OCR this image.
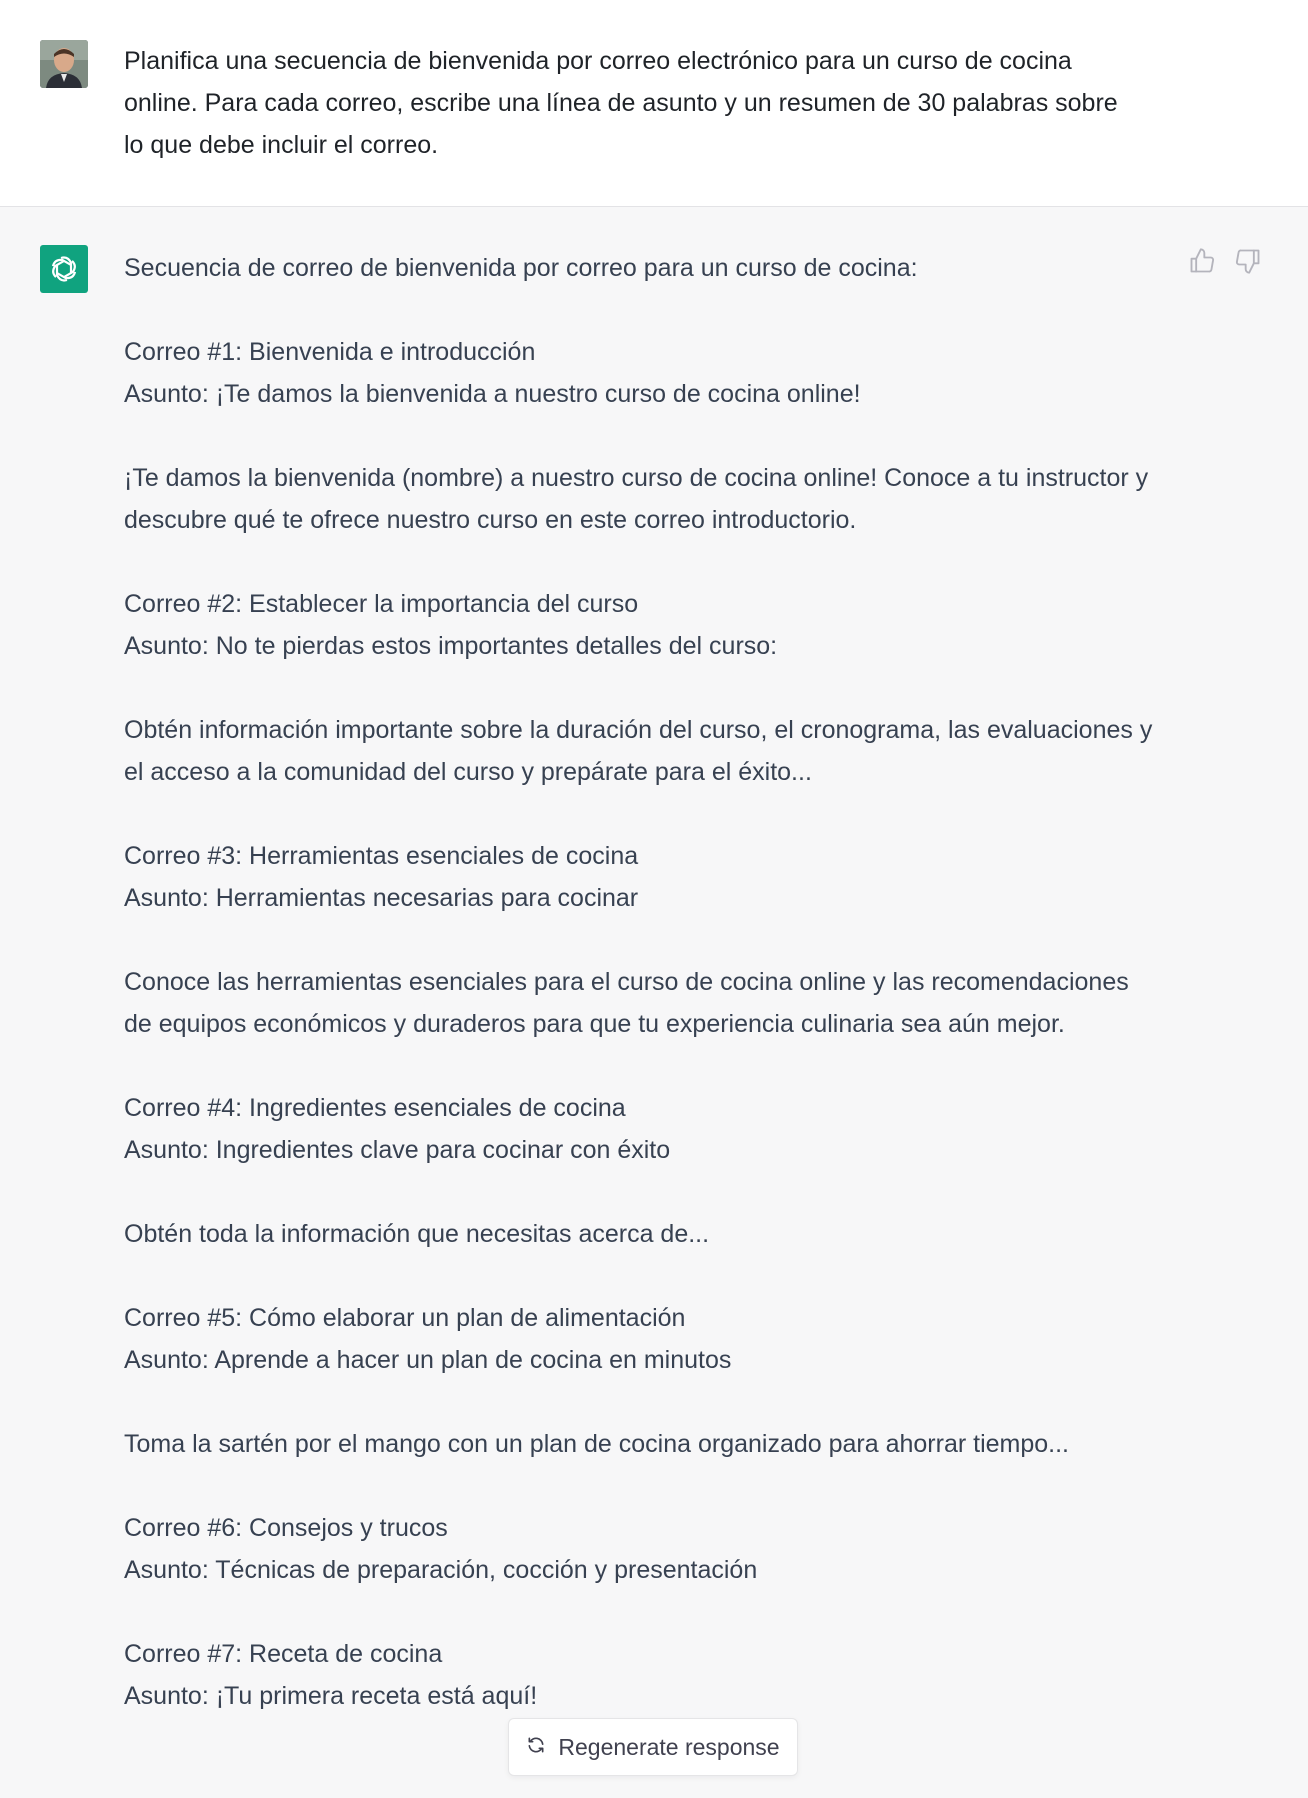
Planifica una secuencia de bienvenida por correo electrónico para un curso de cocina online. Para cada correo, escribe una línea de asunto y un resumen de 30 palabras sobre lo que debe incluir el correo.

Secuencia de correo de bienvenida por correo para un curso de cocina:

Correo #1: Bienvenida e introducción

Asunto: ¡Te damos la bienvenida a nuestro curso de cocina online!

¡Te damos la bienvenida (nombre) a nuestro curso de cocina online! Conoce a tu instructor y descubre qué te ofrece nuestro curso en este correo introductorio.

Correo #2: Establecer la importancia del curso

Asunto: No te pierdas estos importantes detalles del curso:

Obtén información importante sobre la duración del curso, el cronograma, las evaluaciones y el acceso a la comunidad del curso y prepárate para el éxito...

Correo #3: Herramientas esenciales de cocina

Asunto: Herramientas necesarias para cocinar

Conoce las herramientas esenciales para el curso de cocina online y las recomendaciones de equipos económicos y duraderos para que tu experiencia culinaria sea aún mejor.

Correo #4: Ingredientes esenciales de cocina

Asunto: Ingredientes clave para cocinar con éxito

Obtén toda la información que necesitas acerca de...

Correo #5: Cómo elaborar un plan de alimentación

Asunto: Aprende a hacer un plan de cocina en minutos

Toma la sartén por el mango con un plan de cocina organizado para ahorrar tiempo...

Correo #6: Consejos y trucos

Asunto: Técnicas de preparación, cocción y presentación

Correo #7: Receta de cocina

Asunto: ¡Tu primera receta está aquí!

Regenerate response
